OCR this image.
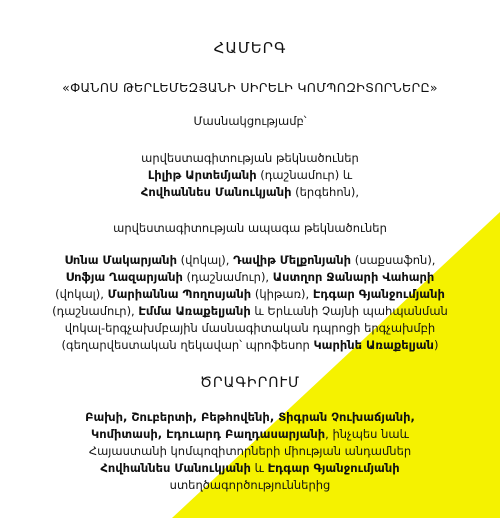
ՀԱՄԵՐԳ
«ՓԱՆՈՍ ԹԵՐԼԵՄԵԶՅԱՆԻ ՍԻՐԵԼԻ ԿՈՄՊՈԶԻՏՈՐՆԵՐԸ»
Մասնակցությամբ՝
արվեստագիտության թեկնածուներ
Լիլիթ Արտեմյանի (դաշնամուր) և
Հովհաննես Մանուկյանի (երգեհոն),
արվեստագիտության ապագա թեկնածուներ
Սոնա Մակարյանի (վոկալ), Դավիթ Մելքոնյանի (սաքսաֆոն),
Սոֆյա Ղազարյանի (դաշնամուր), Աստղոր Ջանարի Վահարի
(վոկալ), Մարիաննա Պողոսյանի (կիթառ), Էդգար Գյանջումյանի
(դաշնամուր), Էմմա Առաքելյանի և Երևանի Չայնի պահպանման
վոկալ-երգչախմբային մասնագիտական դպրոցի երգչախմբի
(գեղարվեստական ղեկավար՝ պրոֆեսոր Կարինե Առաքելյան)
ԾՐԱԳԻՐՈՒՄ
Բախի, Շուբերտի, Բեթհովենի, Տիգրան Չուխաճյանի,
Կոմիտասի, Էդուարդ Բաղդասարյանի, ինչպես նաև
Հայաստանի կոմպոզիտորների միության անդամներ
Հովհաննես Մանուկյանի և Էդգար Գյանջումյանի
ստեղծագործություններից
